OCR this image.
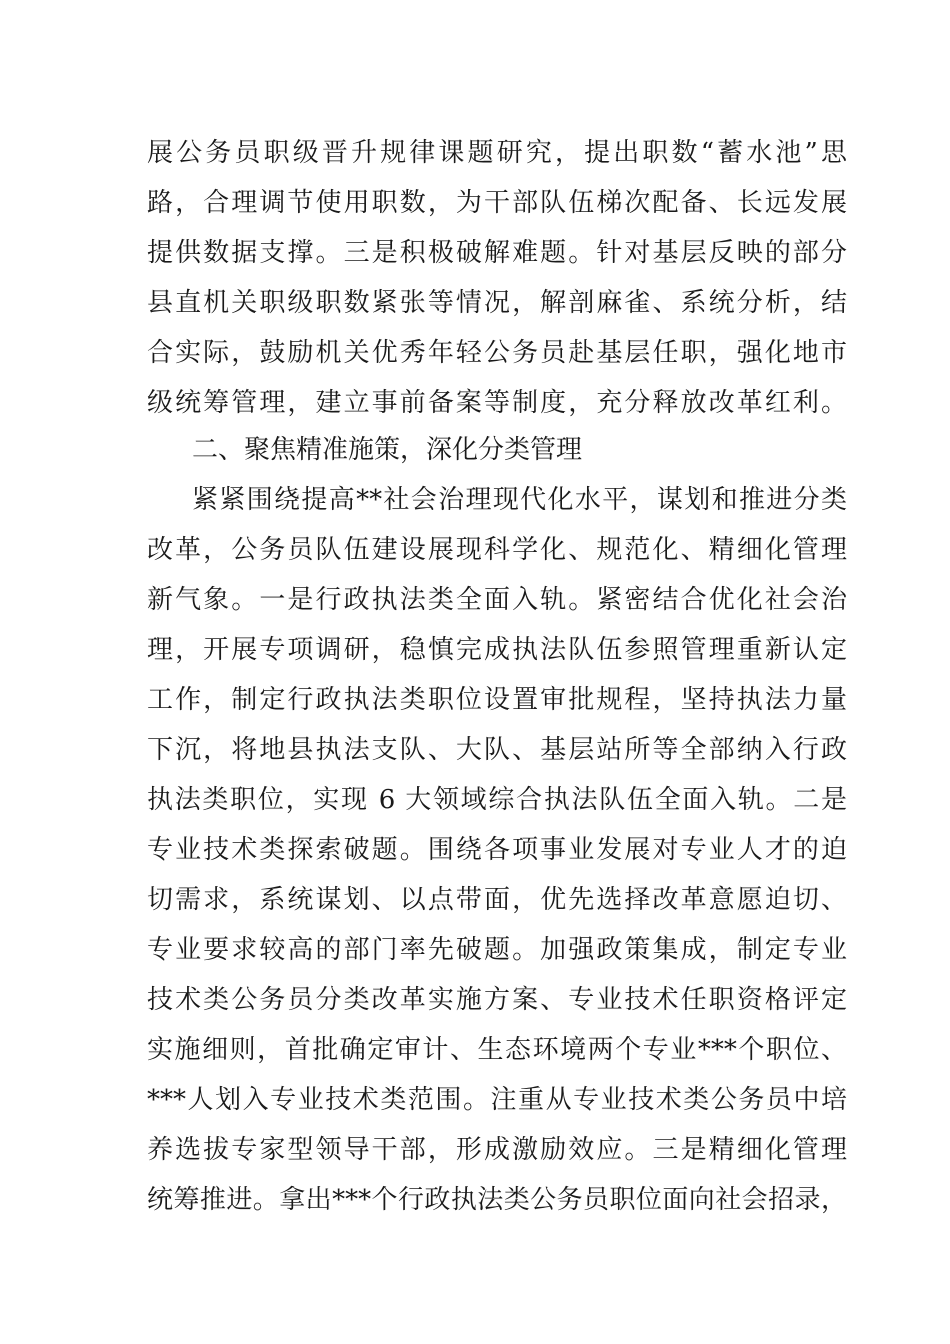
展公务员职级晋升规律课题研究，提出职数“蓄水池”思
路，合理调节使用职数，为干部队伍梯次配备、长远发展
提供数据支撑。三是积极破解难题。针对基层反映的部分
县直机关职级职数紧张等情况，解剖麻雀、系统分析，结
合实际，鼓励机关优秀年轻公务员赴基层任职，强化地市
级统筹管理，建立事前备案等制度，充分释放改革红利。
二、聚焦精准施策，深化分类管理
紧紧围绕提高**社会治理现代化水平，谋划和推进分类
改革，公务员队伍建设展现科学化、规范化、精细化管理
新气象。一是行政执法类全面入轨。紧密结合优化社会治
理，开展专项调研，稳慎完成执法队伍参照管理重新认定
工作，制定行政执法类职位设置审批规程，坚持执法力量
下沉，将地县执法支队、大队、基层站所等全部纳入行政
执法类职位，实现 6 大领域综合执法队伍全面入轨。二是
专业技术类探索破题。围绕各项事业发展对专业人才的迫
切需求，系统谋划、以点带面，优先选择改革意愿迫切、
专业要求较高的部门率先破题。加强政策集成，制定专业
技术类公务员分类改革实施方案、专业技术任职资格评定
实施细则，首批确定审计、生态环境两个专业***个职位、
***人划入专业技术类范围。注重从专业技术类公务员中培
养选拔专家型领导干部，形成激励效应。三是精细化管理
统筹推进。拿出***个行政执法类公务员职位面向社会招录，
